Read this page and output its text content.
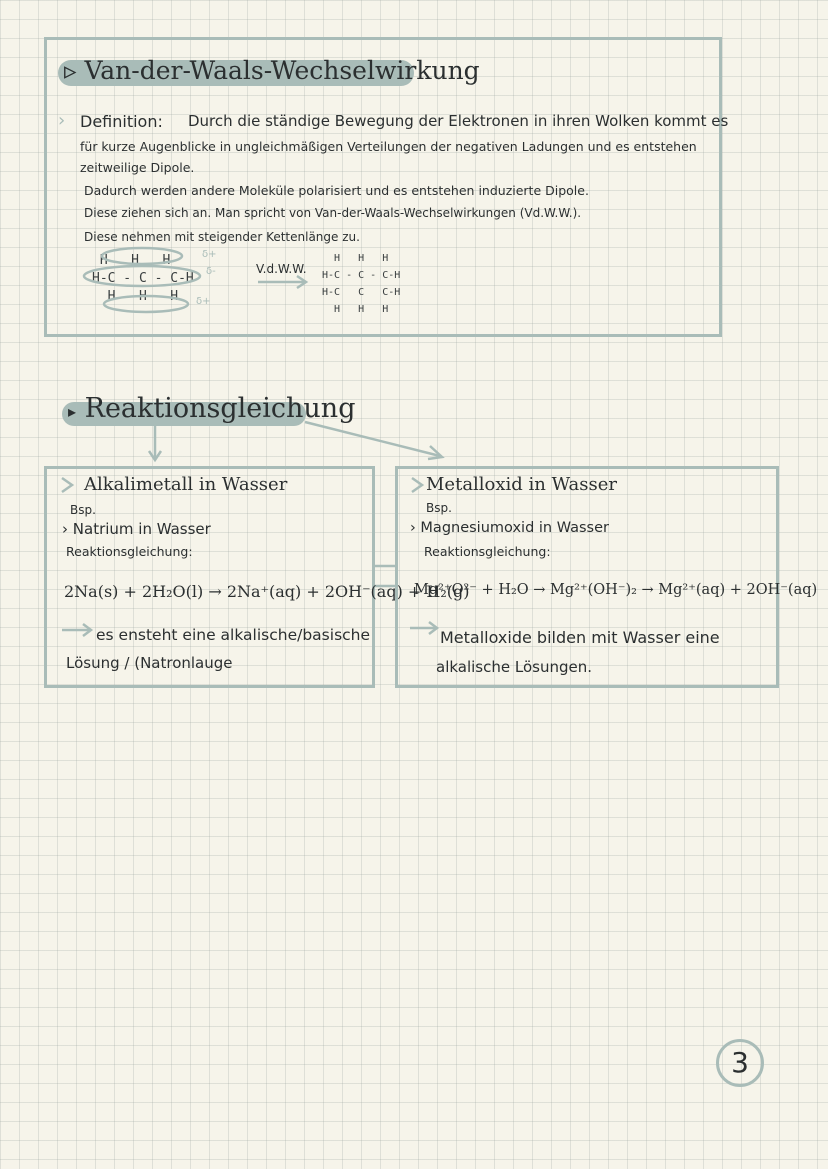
▹ Van-der-Waals-Wechselwirkung
› Definition: Durch die ständige Bewegung der Elektronen in ihren Wolken kommt es
für kurze Augenblicke in ungleichmäßigen Verteilungen der negativen Ladungen und es entstehen
zeitweilige Dipole.
Dadurch werden andere Moleküle polarisiert und es entstehen induzierte Dipole.
Diese ziehen sich an. Man spricht von Van-der-Waals-Wechselwirkungen (Vd.W.W.).
Diese nehmen mit steigender Kettenlänge zu.
H   H   H
H-C - C - C-H
H   H   H
δ+
δ-
δ+
V.d.W.W.
H   H   H
H-C - C - C-H
H-C   C   C-H
H   H   H
▸ Reaktionsgleichung
Alkalimetall in Wasser
Bsp.
› Natrium in Wasser
Reaktionsgleichung:
2Na(s) + 2H₂O(l) → 2Na⁺(aq) + 2OH⁻(aq) + H₂(g)
es ensteht eine alkalische/basische
Lösung / (Natronlauge
Metalloxid in Wasser
Bsp.
› Magnesiumoxid in Wasser
Reaktionsgleichung:
Mg²⁺O²⁻ + H₂O → Mg²⁺(OH⁻)₂ → Mg²⁺(aq) + 2OH⁻(aq)
Metalloxide bilden mit Wasser eine
alkalische Lösungen.
3
